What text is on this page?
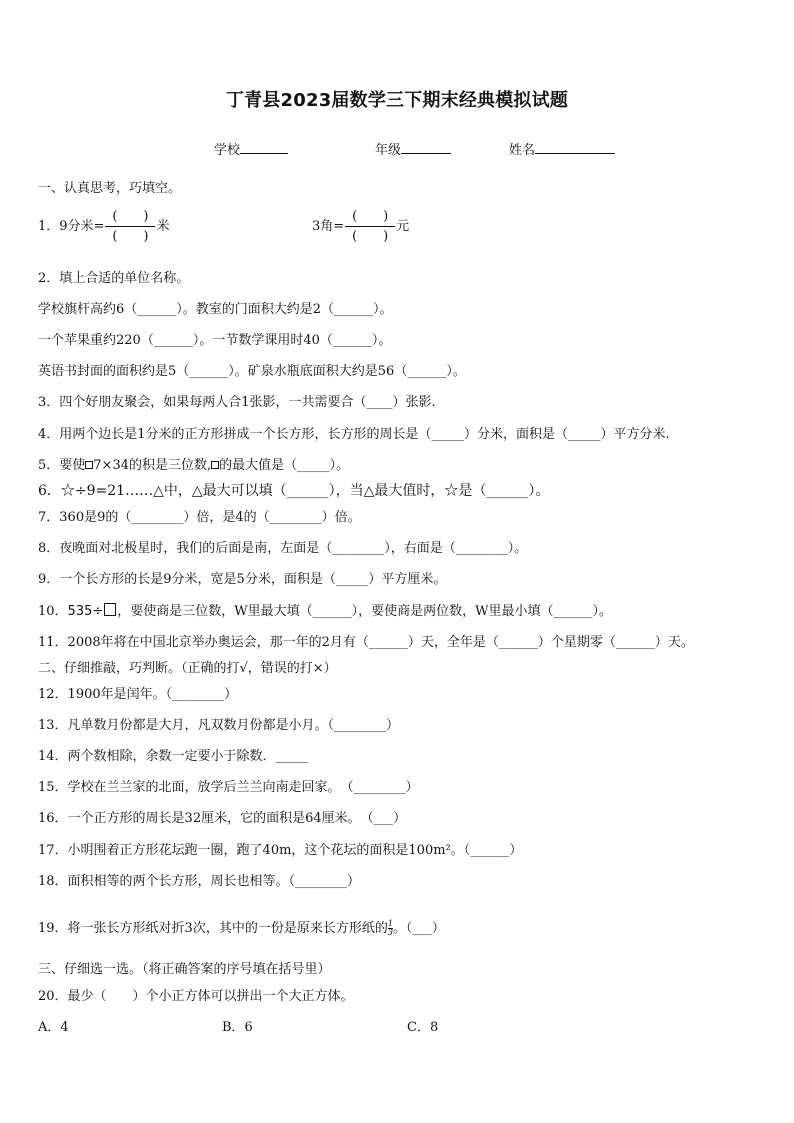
丁青县2023届数学三下期末经典模拟试题
学校	年级	姓名
一、认真思考，巧填空。
1．9分米= $\frac{( )}{( )}$ 米	3角= $\frac{( )}{( )}$ 元
2．填上合适的单位名称。
学校旗杆高约6（______）。教室的门面积大约是2（______）。
一个苹果重约220（______）。一节数学课用时40（______）。
英语书封面的面积约是5（______）。矿泉水瓶底面积大约是56（______）。
3．四个好朋友聚会，如果每两人合1张影，一共需要合（____）张影.
4．用两个边长是1分米的正方形拼成一个长方形，长方形的周长是（_____）分米，面积是（_____）平方分米.
5．要使 7×34的积是三位数, 的最大值是（_____）。
6．☆÷9=21……△中，△最大可以填（______），当△最大值时，☆是（______）。
7．360是9的（________）倍，是4的（________）倍。
8．夜晚面对北极星时，我们的后面是南，左面是（________），右面是（________）。
9．一个长方形的长是9分米，宽是5分米，面积是（_____）平方厘米。
10．535÷ ，要使商是三位数，W里最大填（______），要使商是两位数，W里最小填（______）。
11．2008年将在中国北京举办奥运会，那一年的2月有（______）天，全年是（______）个星期零（______）天。
二、仔细推敲，巧判断。（正确的打√，错误的打×）
12．1900年是闰年。（________）
13．凡单数月份都是大月，凡双数月份都是小月。（________）
14．两个数相除，余数一定要小于除数．_____
15．学校在兰兰家的北面，放学后兰兰向南走回家。　（________）
16．一个正方形的周长是32厘米，它的面积是64厘米。　（___）
17．小明围着正方形花坛跑一圈，跑了40m，这个花坛的面积是100m²。（______）
18．面积相等的两个长方形，周长也相等。（________）
19．将一张长方形纸对折3次，其中的一份是原来长方形纸的 $\frac{1}{3}$。（___）
三、仔细选一选。（将正确答案的序号填在括号里）
20．最少（　　）个小正方体可以拼出一个大正方体。
A．4	B．6	C．8
